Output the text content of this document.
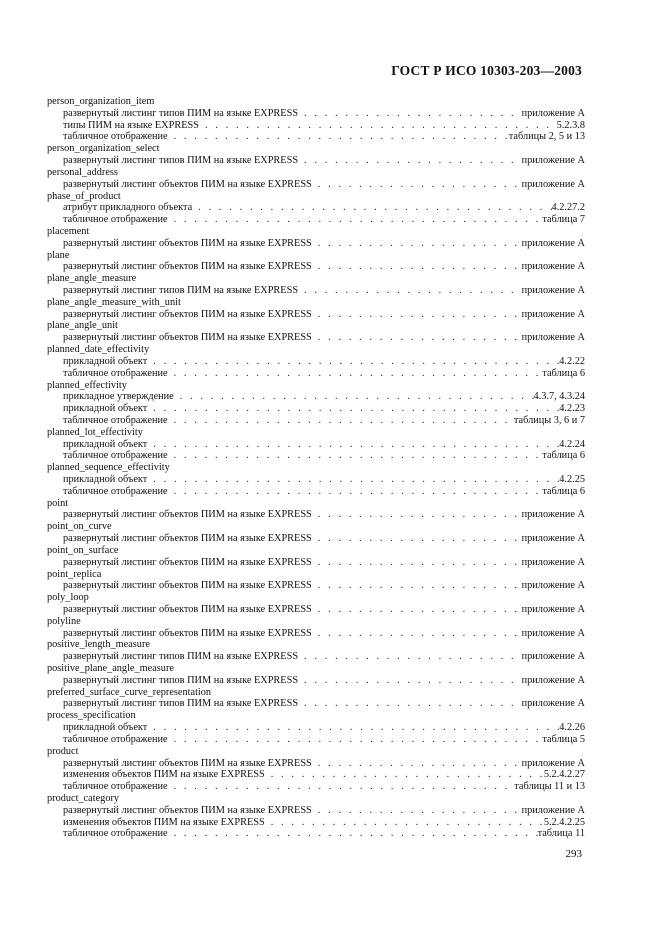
ГОСТ Р ИСО 10303-203—2003
person_organization_item
развернутый листинг типов ПИМ на языке EXPRESS . . .	приложение А
типы ПИМ на языке EXPRESS . . .	5.2.3.8
табличное отображение . . .	таблицы 2, 5 и 13
person_organization_select
развернутый листинг типов ПИМ на языке EXPRESS . . .	приложение А
personal_address
развернутый листинг объектов ПИМ на языке EXPRESS . . .	приложение А
phase_of_product
атрибут прикладного объекта . . .	4.2.27.2
табличное отображение . . .	таблица 7
placement
развернутый листинг объектов ПИМ на языке EXPRESS . . .	приложение А
plane
развернутый листинг объектов ПИМ на языке EXPRESS . . .	приложение А
plane_angle_measure
развернутый листинг типов ПИМ на языке EXPRESS . . .	приложение А
plane_angle_measure_with_unit
развернутый листинг объектов ПИМ на языке EXPRESS . . .	приложение А
plane_angle_unit
развернутый листинг объектов ПИМ на языке EXPRESS . . .	приложение А
planned_date_effectivity
прикладной объект . . .	4.2.22
табличное отображение . . .	таблица 6
planned_effectivity
прикладное утверждение . . .	4.3.7, 4.3.24
прикладной объект . . .	4.2.23
табличное отображение . . .	таблицы 3, 6 и 7
planned_lot_effectivity
прикладной объект . . .	4.2.24
табличное отображение . . .	таблица 6
planned_sequence_effectivity
прикладной объект . . .	4.2.25
табличное отображение . . .	таблица 6
point
развернутый листинг объектов ПИМ на языке EXPRESS . . .	приложение А
point_on_curve
развернутый листинг объектов ПИМ на языке EXPRESS . . .	приложение А
point_on_surface
развернутый листинг объектов ПИМ на языке EXPRESS . . .	приложение А
point_replica
развернутый листинг объектов ПИМ на языке EXPRESS . . .	приложение А
poly_loop
развернутый листинг объектов ПИМ на языке EXPRESS . . .	приложение А
polyline
развернутый листинг объектов ПИМ на языке EXPRESS . . .	приложение А
positive_length_measure
развернутый листинг типов ПИМ на языке EXPRESS . . .	приложение А
positive_plane_angle_measure
развернутый листинг типов ПИМ на языке EXPRESS . . .	приложение А
preferred_surface_curve_representation
развернутый листинг типов ПИМ на языке EXPRESS . . .	приложение А
process_specification
прикладной объект . . .	4.2.26
табличное отображение . . .	таблица 5
product
развернутый листинг объектов ПИМ на языке EXPRESS . . .	приложение А
изменения объектов ПИМ на языке EXPRESS . . .	5.2.4.2.27
табличное отображение . . .	таблицы 11 и 13
product_category
развернутый листинг объектов ПИМ на языке EXPRESS . . .	приложение А
изменения объектов ПИМ на языке EXPRESS . . .	5.2.4.2.25
табличное отображение . . .	таблица 11
293
